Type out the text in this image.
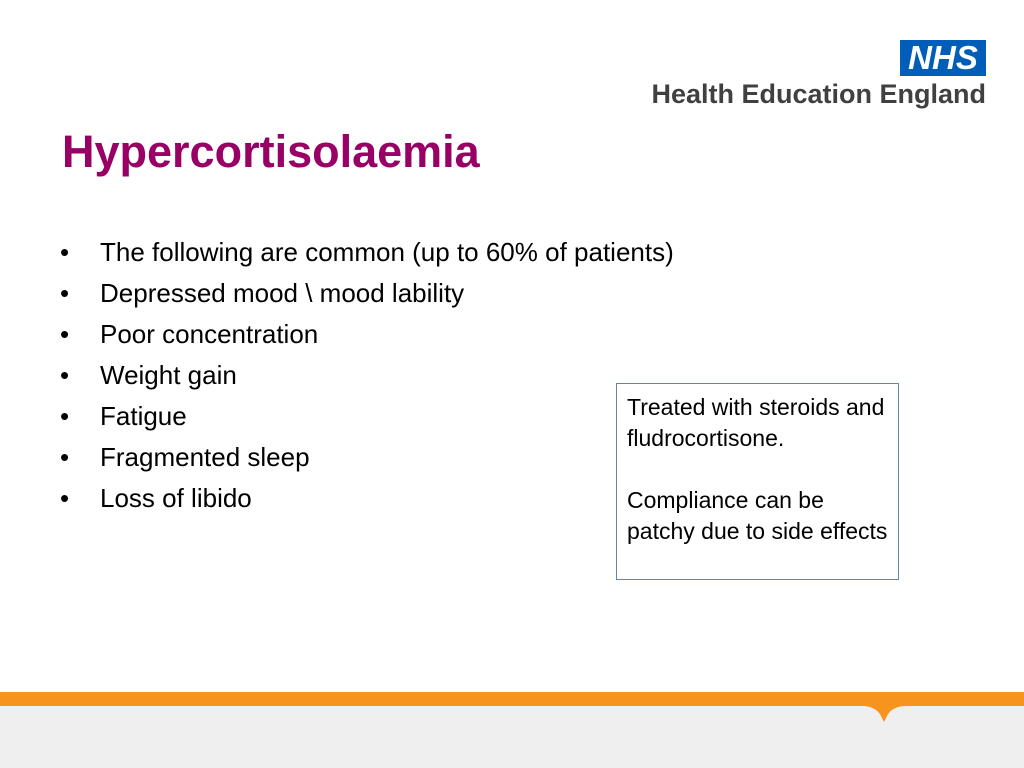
NHS
Health Education England
Hypercortisolaemia
•	The following are common (up to 60% of patients)
•	Depressed mood \ mood lability
•	Poor concentration
•	Weight gain
•	Fatigue
•	Fragmented sleep
•	Loss of libido

Treated with steroids and fludrocortisone.

Compliance can be patchy due to side effects
